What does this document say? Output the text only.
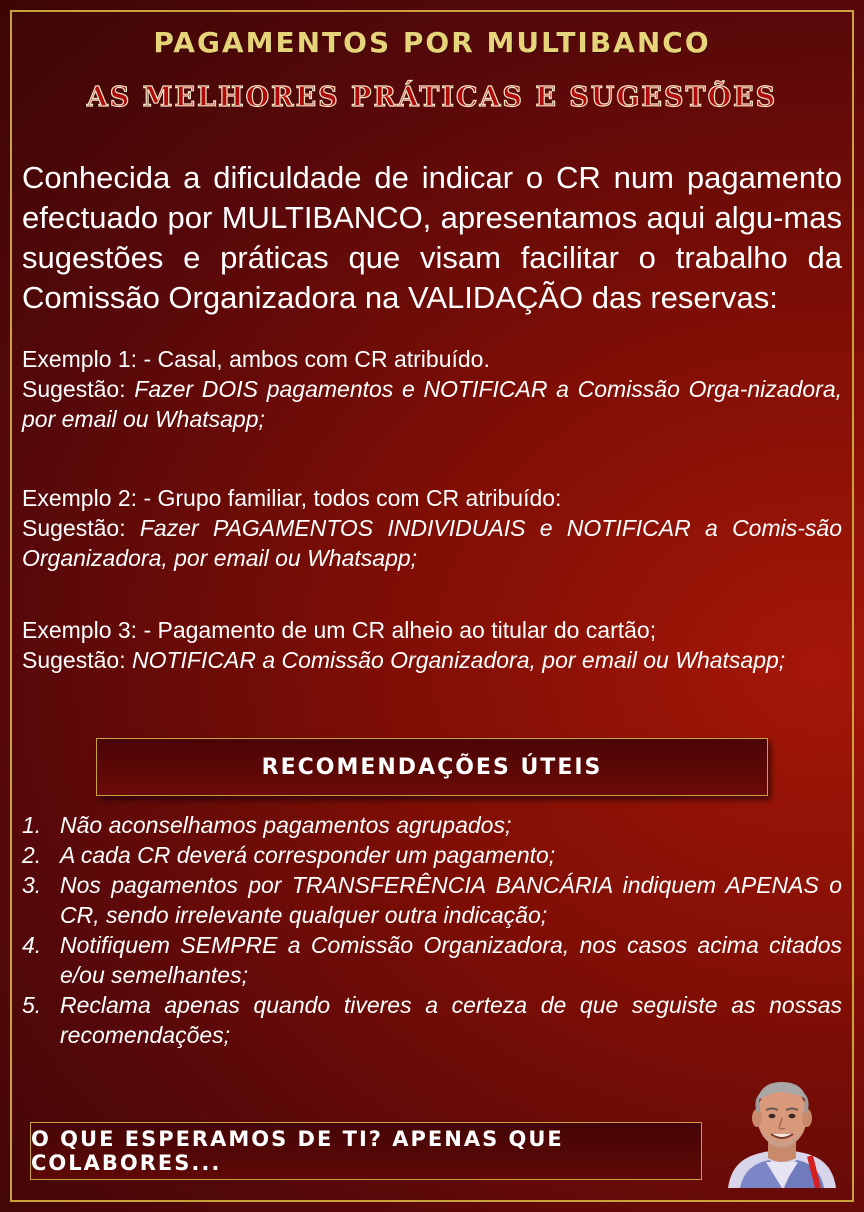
PAGAMENTOS POR MULTIBANCO
AS MELHORES PRÁTICAS E SUGESTÕES
Conhecida a dificuldade de indicar o CR num pagamento efectuado por MULTIBANCO, apresentamos aqui algu-mas sugestões e práticas que visam facilitar o trabalho da Comissão Organizadora na VALIDAÇÃO das reservas:
Exemplo 1: - Casal, ambos com CR atribuído.
Sugestão: Fazer DOIS pagamentos e NOTIFICAR a Comissão Orga-nizadora, por email ou Whatsapp;
Exemplo 2: - Grupo familiar, todos com CR atribuído:
Sugestão: Fazer PAGAMENTOS INDIVIDUAIS e NOTIFICAR a Comis-são Organizadora, por email ou Whatsapp;
Exemplo 3: - Pagamento de um CR alheio ao titular do cartão;
Sugestão: NOTIFICAR a Comissão Organizadora, por email ou Whatsapp;
RECOMENDAÇÕES ÚTEIS
1. Não aconselhamos pagamentos agrupados;
2. A cada CR deverá corresponder um pagamento;
3. Nos pagamentos por TRANSFERÊNCIA BANCÁRIA indiquem APENAS o CR, sendo irrelevante qualquer outra indicação;
4. Notifiquem SEMPRE a Comissão Organizadora, nos casos acima citados e/ou semelhantes;
5. Reclama apenas quando tiveres a certeza de que seguiste as nossas recomendações;
O QUE ESPERAMOS DE TI? APENAS QUE COLABORES...
